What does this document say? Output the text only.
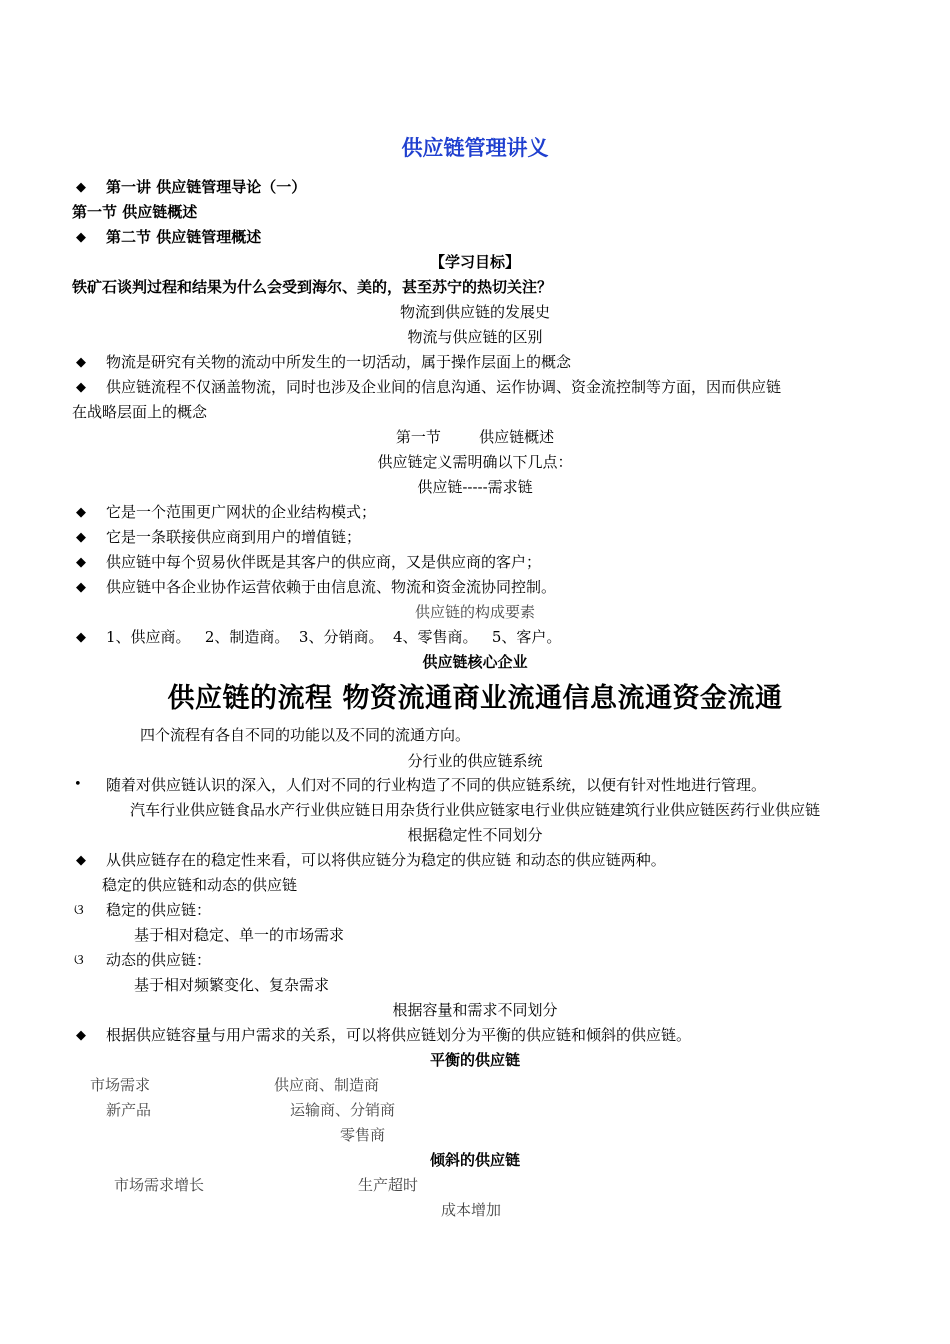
供应链管理讲义
◆ 第一讲 供应链管理导论（一）
第一节 供应链概述
◆ 第二节 供应链管理概述
【学习目标】
铁矿石谈判过程和结果为什么会受到海尔、美的，甚至苏宁的热切关注？
物流到供应链的发展史
物流与供应链的区别
◆ 物流是研究有关物的流动中所发生的一切活动，属于操作层面上的概念
◆ 供应链流程不仅涵盖物流，同时也涉及企业间的信息沟通、运作协调、资金流控制等方面，因而供应链
在战略层面上的概念
第一节        供应链概述
供应链定义需明确以下几点：
供应链-----需求链
◆ 它是一个范围更广网状的企业结构模式；
◆ 它是一条联接供应商到用户的增值链；
◆ 供应链中每个贸易伙伴既是其客户的供应商，又是供应商的客户；
◆ 供应链中各企业协作运营依赖于由信息流、物流和资金流协同控制。
供应链的构成要素
◆ 1、供应商。   2、制造商。  3、分销商。  4、零售商。   5、客户。
供应链核心企业
供应链的流程 物资流通商业流通信息流通资金流通
四个流程有各自不同的功能以及不同的流通方向。
分行业的供应链系统
• 随着对供应链认识的深入，人们对不同的行业构造了不同的供应链系统，以便有针对性地进行管理。
汽车行业供应链食品水产行业供应链日用杂货行业供应链家电行业供应链建筑行业供应链医药行业供应链
根据稳定性不同划分
◆ 从供应链存在的稳定性来看，可以将供应链分为稳定的供应链 和动态的供应链两种。
稳定的供应链和动态的供应链
ଓ 稳定的供应链：
基于相对稳定、单一的市场需求
ଓ 动态的供应链：
基于相对频繁变化、复杂需求
根据容量和需求不同划分
◆ 根据供应链容量与用户需求的关系，可以将供应链划分为平衡的供应链和倾斜的供应链。
平衡的供应链
市场需求	供应商、制造商
新产品	运输商、分销商
零售商
倾斜的供应链
市场需求增长	生产超时
成本增加
